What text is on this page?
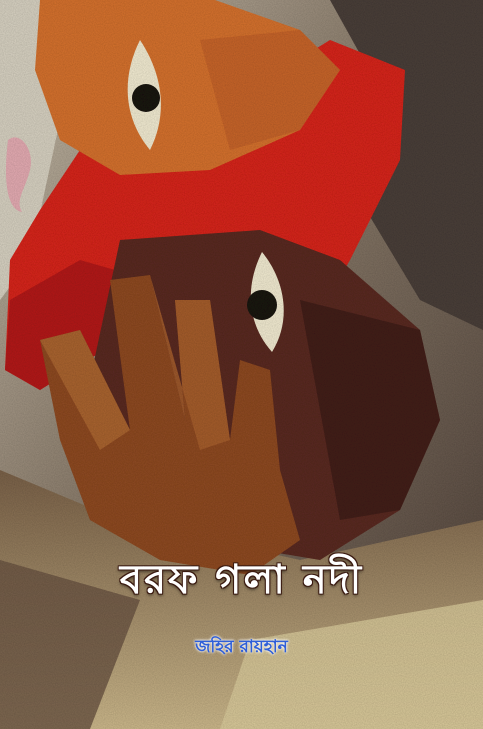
বরফ গলা নদী
জহির রায়হান
